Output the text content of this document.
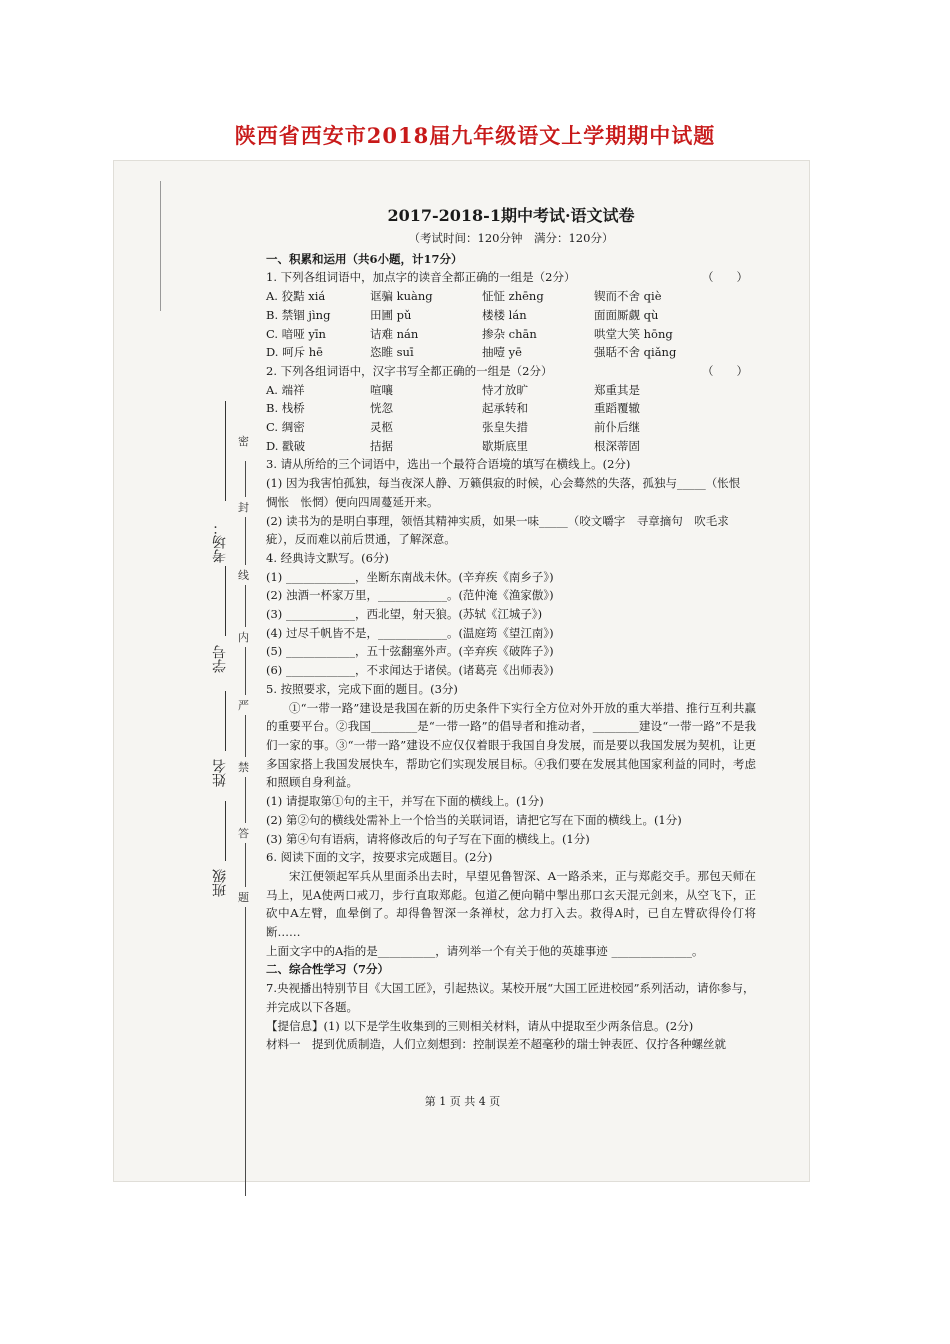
陕西省西安市2018届九年级语文上学期期中试题
密
封
线
内
严
禁
答
题
考场：
学号
姓名
班级
2017-2018-1期中考试·语文试卷
（考试时间：120分钟　满分：120分）
一、积累和运用（共6小题，计17分）
1. 下列各组词语中，加点字的读音全都正确的一组是（2分）	（　　）
A. 狡黠 xiá	诓骗 kuàng	怔怔 zhēng	锲而不舍 qiè
B. 禁锢 jìng	田圃 pǔ	楼楼 lán	面面厮觑 qù
C. 喑哑 yīn	诘难 nán	掺杂 chān	哄堂大笑 hōng
D. 呵斥 hē	恣睢 suī	抽噎 yē	强聒不舍 qiǎng
2. 下列各组词语中，汉字书写全都正确的一组是（2分）	（　　）
A. 端祥	喧嚷	恃才放旷	郑重其是
B. 栈桥	恍忽	起承转和	重蹈覆辙
C. 绸密	灵柩	张皇失措	前仆后继
D. 戳破	拮据	歇斯底里	根深蒂固
3. 请从所给的三个词语中，选出一个最符合语境的填写在横线上。(2分)
(1) 因为我害怕孤独，每当夜深人静、万籁俱寂的时候，心会蓦然的失落，孤独与_____（怅恨　惆怅　怅惘）便向四周蔓延开来。
(2) 读书为的是明白事理，领悟其精神实质，如果一味_____（咬文嚼字　寻章摘句　吹毛求疵），反而难以前后贯通，了解深意。
4. 经典诗文默写。(6分)
(1) ____________，坐断东南战未休。(辛弃疾《南乡子》)
(2) 浊酒一杯家万里，____________。(范仲淹《渔家傲》)
(3) ____________，西北望，射天狼。(苏轼《江城子》)
(4) 过尽千帆皆不是，____________。(温庭筠《望江南》)
(5) ____________，五十弦翻塞外声。(辛弃疾《破阵子》)
(6) ____________，不求闻达于诸侯。(诸葛亮《出师表》)
5. 按照要求，完成下面的题目。(3分)
①“一带一路”建设是我国在新的历史条件下实行全方位对外开放的重大举措、推行互利共赢的重要平台。②我国________是“一带一路”的倡导者和推动者，________建设“一带一路”不是我们一家的事。③“一带一路”建设不应仅仅着眼于我国自身发展，而是要以我国发展为契机，让更多国家搭上我国发展快车，帮助它们实现发展目标。④我们要在发展其他国家利益的同时，考虑和照顾自身利益。
(1) 请提取第①句的主干，并写在下面的横线上。(1分)
(2) 第②句的横线处需补上一个恰当的关联词语，请把它写在下面的横线上。(1分)
(3) 第④句有语病，请将修改后的句子写在下面的横线上。(1分)
6. 阅读下面的文字，按要求完成题目。(2分)
宋江便领起军兵从里面杀出去时，早望见鲁智深、A一路杀来，正与郑彪交手。那包天师在马上，见A使两口戒刀，步行直取郑彪。包道乙便向鞘中掣出那口玄天混元剑来，从空飞下，正砍中A左臂，血晕倒了。却得鲁智深一条禅杖，忿力打入去。救得A时，已自左臂砍得伶仃将断……
上面文字中的A指的是__________，请列举一个有关于他的英雄事迹 ______________。
二、综合性学习（7分）
7.央视播出特别节目《大国工匠》，引起热议。某校开展“大国工匠进校园”系列活动，请你参与，并完成以下各题。
【提信息】(1) 以下是学生收集到的三则相关材料，请从中提取至少两条信息。(2分)
材料一　提到优质制造，人们立刻想到：控制误差不超毫秒的瑞士钟表匠、仅拧各种螺丝就
第 1 页 共 4 页
